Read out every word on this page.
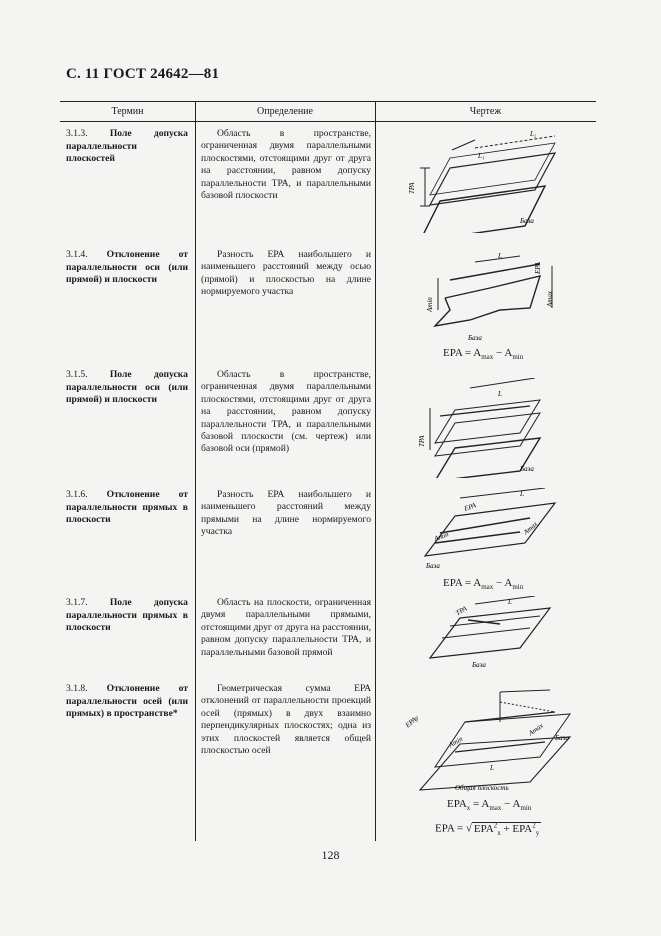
С. 11 ГОСТ 24642—81
Термин	Определение	Чертеж
3.1.3. Поле допуска параллельности плоскостей
Область в пространстве, ограниченная двумя параллельными плоскостями, отстоящими друг от друга на расстоянии, равном допуску параллельности ТРА, и параллельными базовой плоскости
L₂
L₁
TPA
База
3.1.4. Отклонение от параллельности оси (или прямой) и плоскости
Разность ЕРА наибольшего и наименьшего расстояний между осью (прямой) и плоскостью на длине нормируемого участка
L
EPA
Amax
Amin
База
EPA = $A_{max} - A_{min}$
3.1.5. Поле допуска параллельности оси (или прямой) и плоскости
Область в пространстве, ограниченная двумя параллельными плоскостями, отстоящими друг от друга на расстоянии, равном допуску параллельности ТРА, и параллельными базовой плоскости (см. чертеж) или базовой оси (прямой)
L
TPA
База
3.1.6. Отклонение от параллельности прямых в плоскости
Разность ЕРА наибольшего и наименьшего расстояний между прямыми на длине нормируемого участка
EPA
L
Amin
Amax
База
EPA = $A_{max} - A_{min}$
3.1.7. Поле допуска параллельности прямых в плоскости
Область на плоскости, ограниченная двумя параллельными прямыми, отстоящими друг от друга на расстоянии, равном допуску параллельности ТРА, и параллельными базовой прямой
TPA
L
База
3.1.8. Отклонение от параллельности осей (или прямых) в пространстве*
Геометрическая сумма ЕРА отклонений от параллельности проекций осей (прямых) в двух взаимно перпендикулярных плоскостях; одна из этих плоскостей является общей плоскостью осей
EPAy
Amin
Amax
L
База
Общая плоскость
$EPA_x = A_{max} - A_{min}$
EPA = √ $EPA^2_x + EPA^2_y$
128
